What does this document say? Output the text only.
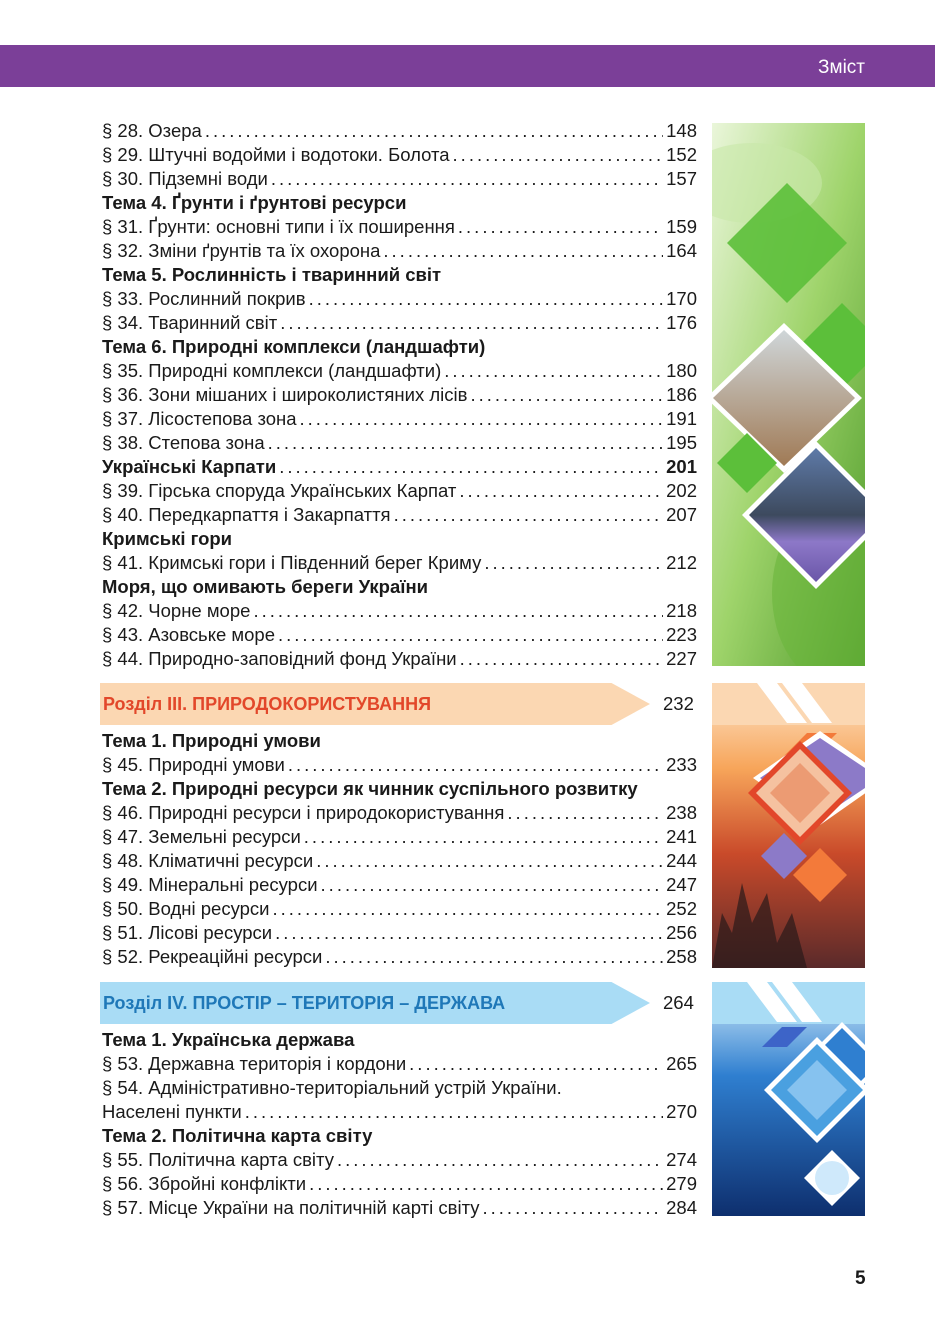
Зміст
§ 28. Озера .....	148
§ 29. Штучні водойми і водотоки. Болота .....	152
§ 30. Підземні води .....	157
Тема 4. Ґрунти і ґрунтові ресурси
§ 31. Ґрунти: основні типи і їх поширення .....	159
§ 32. Зміни ґрунтів та їх охорона .....	164
Тема 5. Рослинність і тваринний світ
§ 33. Рослинний покрив .....	170
§ 34. Тваринний світ .....	176
Тема 6. Природні комплекси (ландшафти)
§ 35. Природні комплекси (ландшафти) .....	180
§ 36. Зони мішаних і широколистяних лісів .....	186
§ 37. Лісостепова зона .....	191
§ 38. Степова зона .....	195
Українські Карпати .....	201
§ 39. Гірська споруда Українських Карпат .....	202
§ 40. Передкарпаття і Закарпаття .....	207
Кримські гори
§ 41. Кримські гори і Південний берег Криму .....	212
Моря, що омивають береги України
§ 42. Чорне море .....	218
§ 43. Азовське море .....	223
§ 44. Природно-заповідний фонд України .....	227
Розділ ІІІ. ПРИРОДОКОРИСТУВАННЯ	232
Тема 1. Природні умови
§ 45. Природні умови .....	233
Тема 2. Природні ресурси як чинник суспільного розвитку
§ 46. Природні ресурси і природокористування .....	238
§ 47. Земельні ресурси .....	241
§ 48. Кліматичні ресурси .....	244
§ 49. Мінеральні ресурси .....	247
§ 50. Водні ресурси .....	252
§ 51. Лісові ресурси .....	256
§ 52. Рекреаційні ресурси .....	258
Розділ ІV. ПРОСТІР – ТЕРИТОРІЯ – ДЕРЖАВА	264
Тема 1. Українська держава
§ 53. Державна територія і кордони .....	265
§ 54. Адміністративно-територіальний устрій України.
Населені пункти .....	270
Тема 2. Політична карта світу
§ 55. Політична карта світу .....	274
§ 56. Збройні конфлікти .....	279
§ 57. Місце України на політичній карті світу .....	284
5
